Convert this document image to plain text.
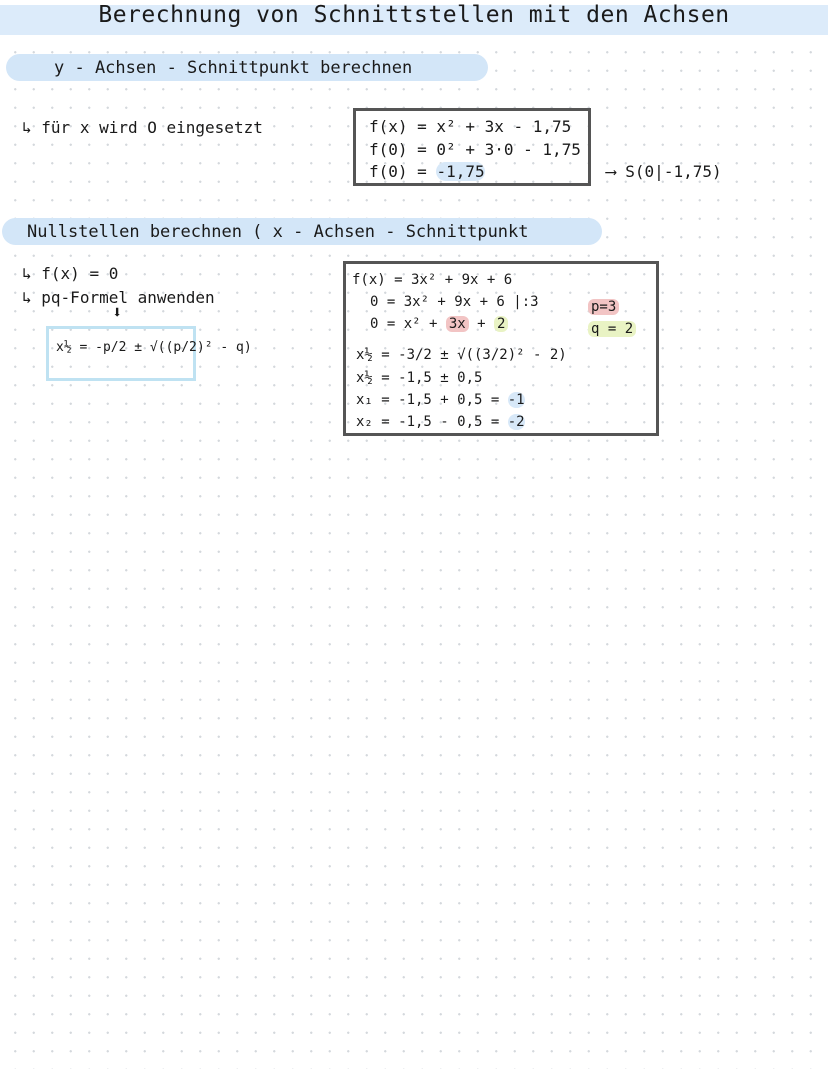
Berechnung von Schnittstellen mit den Achsen
y - Achsen - Schnittpunkt berechnen
↳ für x wird O eingesetzt	f(x) = x² + 3x - 1,75
f(0) = 0² + 3·0 - 1,75
f(0) = -1,75	⟶ S(0|-1,75)
Nullstellen berechnen ( x - Achsen - Schnittpunkt
↳ f(x) = 0
↳ pq-Formel anwenden
⬇
x½ = -p/2 ± √((p/2)² - q)
f(x) = 3x² + 9x + 6
0 = 3x² + 9x + 6 |:3
0 = x² + 3x + 2
x½ = -3/2 ± √((3/2)² - 2)
x½ = -1,5 ± 0,5
x₁ = -1,5 + 0,5 = -1
x₂ = -1,5 - 0,5 = -2
p=3
q = 2
